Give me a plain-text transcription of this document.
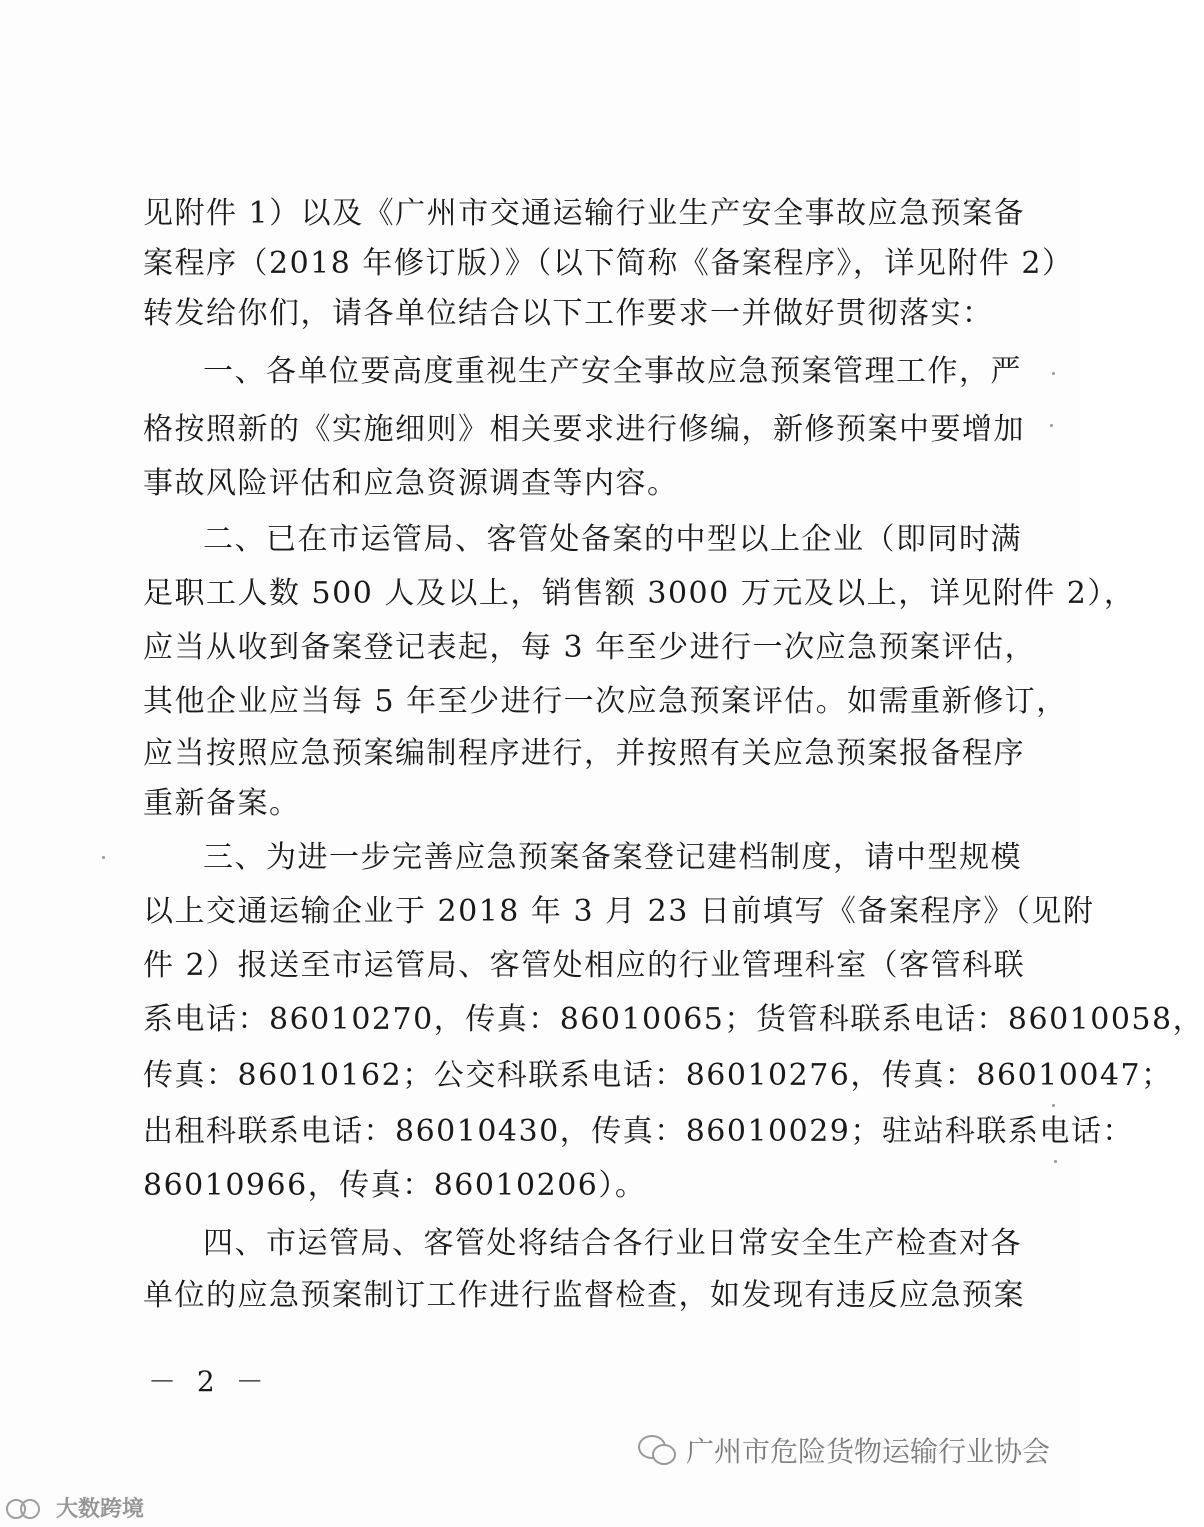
见附件 1）以及《广州市交通运输行业生产安全事故应急预案备
案程序（2018 年修订版）》（以下简称《备案程序》，详见附件 2）
转发给你们，请各单位结合以下工作要求一并做好贯彻落实：
一、各单位要高度重视生产安全事故应急预案管理工作，严
格按照新的《实施细则》相关要求进行修编，新修预案中要增加
事故风险评估和应急资源调查等内容。
二、已在市运管局、客管处备案的中型以上企业（即同时满
足职工人数 500 人及以上，销售额 3000 万元及以上，详见附件 2），
应当从收到备案登记表起，每 3 年至少进行一次应急预案评估，
其他企业应当每 5 年至少进行一次应急预案评估。如需重新修订，
应当按照应急预案编制程序进行，并按照有关应急预案报备程序
重新备案。
三、为进一步完善应急预案备案登记建档制度，请中型规模
以上交通运输企业于 2018 年 3 月 23 日前填写《备案程序》（见附
件 2）报送至市运管局、客管处相应的行业管理科室（客管科联
系电话：86010270，传真：86010065；货管科联系电话：86010058，
传真：86010162；公交科联系电话：86010276，传真：86010047；
出租科联系电话：86010430，传真：86010029；驻站科联系电话：
86010966，传真：86010206）。
四、市运管局、客管处将结合各行业日常安全生产检查对各
单位的应急预案制订工作进行监督检查，如发现有违反应急预案
－ 2 －
广州市危险货物运输行业协会
大数跨境
